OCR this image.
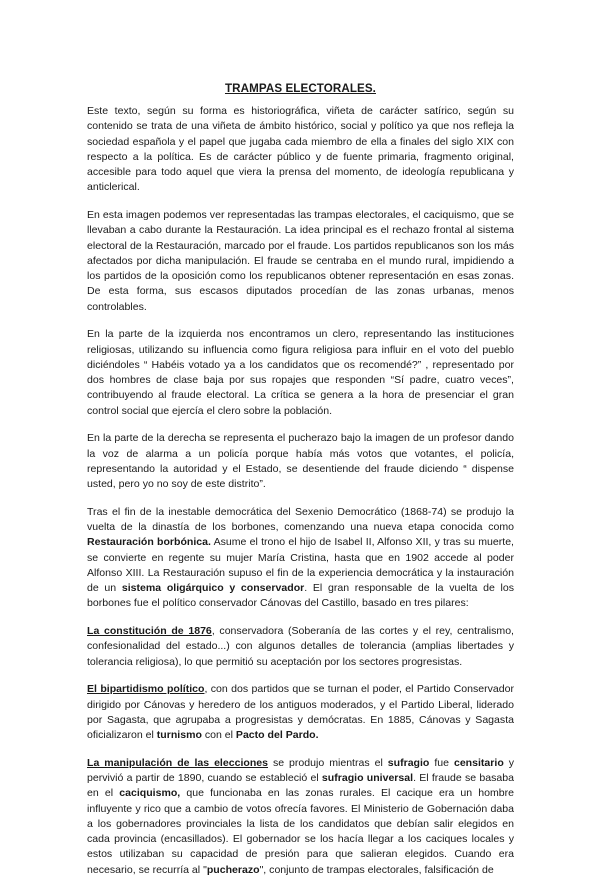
TRAMPAS ELECTORALES.

Este texto, según su forma es historiográfica, viñeta de carácter satírico, según su contenido se trata de una viñeta de ámbito histórico, social y político ya que nos refleja la sociedad española y el papel que jugaba cada miembro de ella a finales del siglo XIX con respecto a la política. Es de carácter público y de fuente primaria, fragmento original, accesible para todo aquel que viera la prensa del momento, de ideología republicana y anticlerical.

En esta imagen podemos ver representadas las trampas electorales, el caciquismo, que se llevaban a cabo durante la Restauración. La idea principal es el rechazo frontal al sistema electoral de la Restauración, marcado por el fraude. Los partidos republicanos son los más afectados por dicha manipulación. El fraude se centraba en el mundo rural, impidiendo a los partidos de la oposición como los republicanos obtener representación en esas zonas. De esta forma, sus escasos diputados procedían de las zonas urbanas, menos controlables.

En la parte de la izquierda nos encontramos un clero, representando las instituciones religiosas, utilizando su influencia como figura religiosa para influir en el voto del pueblo diciéndoles “ Habéis votado ya a los candidatos que os recomendé?” , representado por dos hombres de clase baja por sus ropajes que responden “Sí padre, cuatro veces”, contribuyendo al fraude electoral. La crítica se genera a la hora de presenciar el gran control social que ejercía el clero sobre la población.

En la parte de la derecha se representa el pucherazo bajo la imagen de un profesor dando la voz de alarma a un policía porque había más votos que votantes, el policía, representando la autoridad y el Estado, se desentiende del fraude diciendo “ dispense usted, pero yo no soy de este distrito”.

Tras el fin de la inestable democrática del Sexenio Democrático (1868-74) se produjo la vuelta de la dinastía de los borbones, comenzando una nueva etapa conocida como Restauración borbónica. Asume el trono el hijo de Isabel II, Alfonso XII, y tras su muerte, se convierte en regente su mujer María Cristina, hasta que en 1902 accede al poder Alfonso XIII. La Restauración supuso el fin de la experiencia democrática y la instauración de un sistema oligárquico y conservador. El gran responsable de la vuelta de los borbones fue el político conservador Cánovas del Castillo, basado en tres pilares:

La constitución de 1876, conservadora (Soberanía de las cortes y el rey, centralismo, confesionalidad del estado...) con algunos detalles de tolerancia (amplias libertades y tolerancia religiosa), lo que permitió su aceptación por los sectores progresistas.

El bipartidismo político, con dos partidos que se turnan el poder, el Partido Conservador dirigido por Cánovas y heredero de los antiguos moderados, y el Partido Liberal, liderado por Sagasta, que agrupaba a progresistas y demócratas. En 1885, Cánovas y Sagasta oficializaron el turnismo con el Pacto del Pardo.

La manipulación de las elecciones se produjo mientras el sufragio fue censitario y pervivió a partir de 1890, cuando se estableció el sufragio universal. El fraude se basaba en el caciquismo, que funcionaba en las zonas rurales. El cacique era un hombre influyente y rico que a cambio de votos ofrecía favores. El Ministerio de Gobernación daba a los gobernadores provinciales la lista de los candidatos que debían salir elegidos en cada provincia (encasillados). El gobernador se los hacía llegar a los caciques locales y estos utilizaban su capacidad de presión para que salieran elegidos. Cuando era necesario, se recurría al "pucherazo", conjunto de trampas electorales, falsificación de
